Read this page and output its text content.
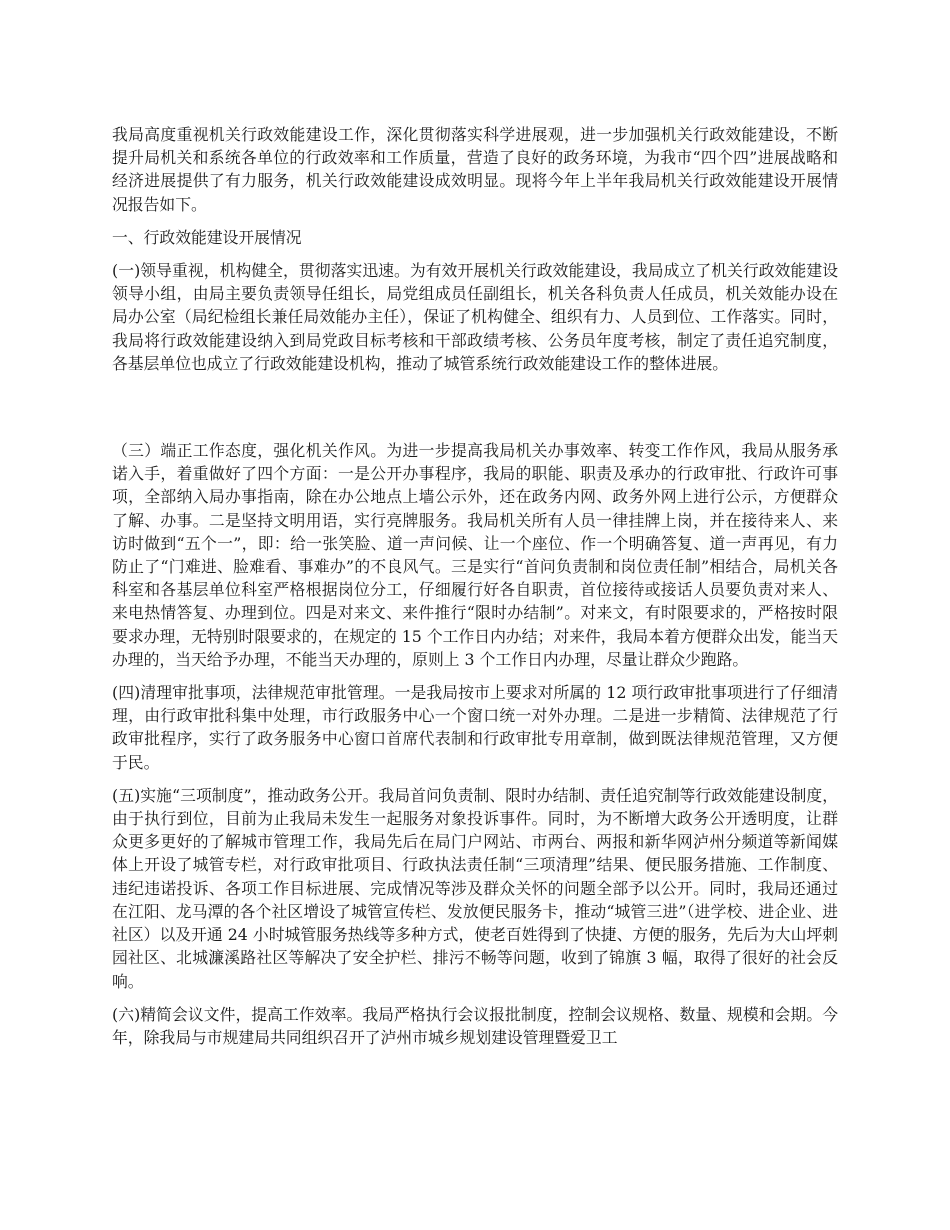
我局高度重视机关行政效能建设工作，深化贯彻落实科学进展观，进一步加强机关行政效能建设，不断提升局机关和系统各单位的行政效率和工作质量，营造了良好的政务环境，为我市“四个四”进展战略和经济进展提供了有力服务，机关行政效能建设成效明显。现将今年上半年我局机关行政效能建设开展情况报告如下。

一、行政效能建设开展情况

(一)领导重视，机构健全，贯彻落实迅速。为有效开展机关行政效能建设，我局成立了机关行政效能建设领导小组，由局主要负责领导任组长，局党组成员任副组长，机关各科负责人任成员，机关效能办设在局办公室（局纪检组长兼任局效能办主任），保证了机构健全、组织有力、人员到位、工作落实。同时，我局将行政效能建设纳入到局党政目标考核和干部政绩考核、公务员年度考核，制定了责任追究制度，各基层单位也成立了行政效能建设机构，推动了城管系统行政效能建设工作的整体进展。

（三）端正工作态度，强化机关作风。为进一步提高我局机关办事效率、转变工作作风，我局从服务承诺入手，着重做好了四个方面：一是公开办事程序，我局的职能、职责及承办的行政审批、行政许可事项，全部纳入局办事指南，除在办公地点上墙公示外，还在政务内网、政务外网上进行公示，方便群众了解、办事。二是坚持文明用语，实行亮牌服务。我局机关所有人员一律挂牌上岗，并在接待来人、来访时做到“五个一”，即：给一张笑脸、道一声问候、让一个座位、作一个明确答复、道一声再见，有力防止了“门难进、脸难看、事难办”的不良风气。三是实行“首问负责制和岗位责任制”相结合，局机关各科室和各基层单位科室严格根据岗位分工，仔细履行好各自职责，首位接待或接话人员要负责对来人、来电热情答复、办理到位。四是对来文、来件推行“限时办结制”。对来文，有时限要求的，严格按时限要求办理，无特别时限要求的，在规定的 15 个工作日内办结；对来件，我局本着方便群众出发，能当天办理的，当天给予办理，不能当天办理的，原则上 3 个工作日内办理，尽量让群众少跑路。

(四)清理审批事项，法律规范审批管理。一是我局按市上要求对所属的 12 项行政审批事项进行了仔细清理，由行政审批科集中处理，市行政服务中心一个窗口统一对外办理。二是进一步精简、法律规范了行政审批程序，实行了政务服务中心窗口首席代表制和行政审批专用章制，做到既法律规范管理，又方便于民。

(五)实施“三项制度”，推动政务公开。我局首问负责制、限时办结制、责任追究制等行政效能建设制度，由于执行到位，目前为止我局未发生一起服务对象投诉事件。同时，为不断增大政务公开透明度，让群众更多更好的了解城市管理工作，我局先后在局门户网站、市两台、两报和新华网泸州分频道等新闻媒体上开设了城管专栏，对行政审批项目、行政执法责任制“三项清理”结果、便民服务措施、工作制度、违纪违诺投诉、各项工作目标进展、完成情况等涉及群众关怀的问题全部予以公开。同时，我局还通过在江阳、龙马潭的各个社区增设了城管宣传栏、发放便民服务卡，推动“城管三进”（进学校、进企业、进社区）以及开通 24 小时城管服务热线等多种方式，使老百姓得到了快捷、方便的服务，先后为大山坪刺园社区、北城濂溪路社区等解决了安全护栏、排污不畅等问题，收到了锦旗 3 幅，取得了很好的社会反响。

(六)精简会议文件，提高工作效率。我局严格执行会议报批制度，控制会议规格、数量、规模和会期。今年，除我局与市规建局共同组织召开了泸州市城乡规划建设管理暨爱卫工
